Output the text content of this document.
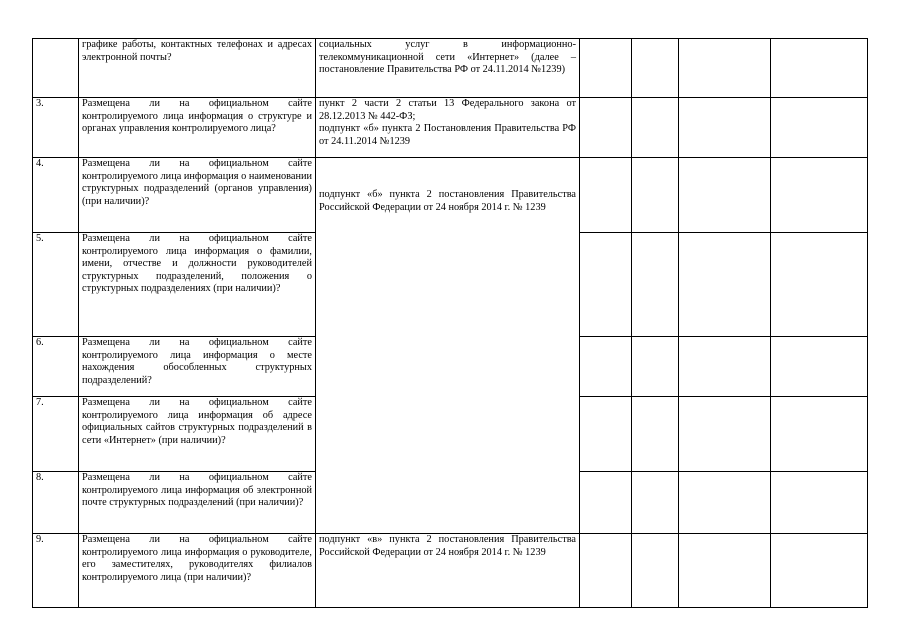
	графике работы, контактных телефонах и адресах электронной почты?	социальных услуг в информационно-телекоммуникационной сети «Интернет» (далее – постановление Правительства РФ от 24.11.2014 №1239)				
3.	Размещена ли на официальном сайте контролируемого лица информация о структуре и органах управления контролируемого лица?	пункт 2 части 2 статьи 13 Федерального закона от 28.12.2013 № 442-ФЗ;
подпункт «б» пункта 2 Постановления Правительства РФ от 24.11.2014 №1239				
4.	Размещена ли на официальном сайте контролируемого лица информация о наименовании структурных подразделений (органов управления) (при наличии)?	подпункт «б» пункта 2 постановления Правительства Российской Федерации от 24 ноября 2014 г. № 1239				
5.	Размещена ли на официальном сайте контролируемого лица информация о фамилии, имени, отчестве и должности руководителей структурных подразделений, положения о структурных подразделениях (при наличии)?					
6.	Размещена ли на официальном сайте контролируемого лица информация о месте нахождения обособленных структурных подразделений?					
7.	Размещена ли на официальном сайте контролируемого лица информация об адресе официальных сайтов структурных подразделений в сети «Интернет» (при наличии)?					
8.	Размещена ли на официальном сайте контролируемого лица информация об электронной почте структурных подразделений (при наличии)?					
9.	Размещена ли на официальном сайте контролируемого лица информация о руководителе, его заместителях, руководителях филиалов контролируемого лица (при наличии)?	подпункт «в» пункта 2 постановления Правительства Российской Федерации от 24 ноября 2014 г. № 1239				
